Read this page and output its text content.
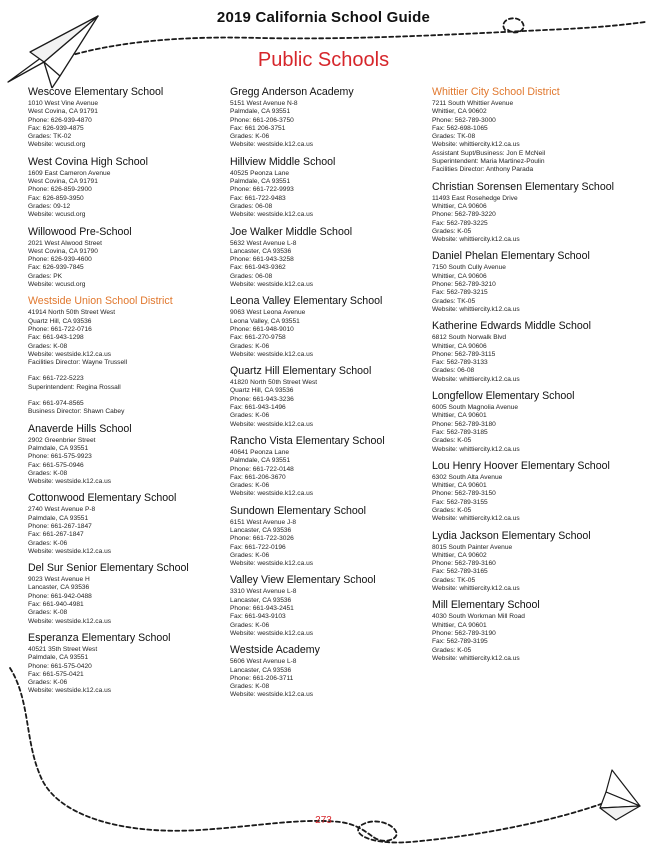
2019 California School Guide
Public Schools
Wescove Elementary School
1010 West Vine Avenue
West Covina, CA 91791
Phone: 626-939-4870
Fax: 626-939-4875
Grades: TK-02
Website: wcusd.org
West Covina High School
1609 East Cameron Avenue
West Covina, CA 91791
Phone: 626-859-2900
Fax: 626-859-3950
Grades: 09-12
Website: wcusd.org
Willowood Pre-School
2021 West Alwood Street
West Covina, CA 91790
Phone: 626-939-4600
Fax: 626-939-7845
Grades: PK
Website: wcusd.org
Westside Union School District
41914 North 50th Street West
Quartz Hill, CA 93536
Phone: 661-722-0716
Fax: 661-943-1298
Grades: K-08
Website: westside.k12.ca.us
Facilities Director: Wayne Trussell
Fax: 661-722-5223
Superintendent: Regina Rossall
Fax: 661-974-8565
Business Director: Shawn Cabey
Anaverde Hills School
2902 Greenbrier Street
Palmdale, CA 93551
Phone: 661-575-9923
Fax: 661-575-0946
Grades: K-08
Website: westside.k12.ca.us
Cottonwood Elementary School
2740 West Avenue P-8
Palmdale, CA 93551
Phone: 661-267-1847
Fax: 661-267-1847
Grades: K-06
Website: westside.k12.ca.us
Del Sur Senior Elementary School
9023 West Avenue H
Lancaster, CA 93536
Phone: 661-942-0488
Fax: 661-940-4981
Grades: K-08
Website: westside.k12.ca.us
Esperanza Elementary School
40521 35th Street West
Palmdale, CA 93551
Phone: 661-575-0420
Fax: 661-575-0421
Grades: K-06
Website: westside.k12.ca.us
Gregg Anderson Academy
5151 West Avenue N-8
Palmdale, CA 93551
Phone: 661-206-3750
Fax: 661 206-3751
Grades: K-06
Website: westside.k12.ca.us
Hillview Middle School
40525 Peonza Lane
Palmdale, CA 93551
Phone: 661-722-9993
Fax: 661-722-9483
Grades: 06-08
Website: westside.k12.ca.us
Joe Walker Middle School
5632 West Avenue L-8
Lancaster, CA 93536
Phone: 661-943-3258
Fax: 661-943-9362
Grades: 06-08
Website: westside.k12.ca.us
Leona Valley Elementary School
9063 West Leona Avenue
Leona Valley, CA 93551
Phone: 661-948-9010
Fax: 661-270-9758
Grades: K-06
Website: westside.k12.ca.us
Quartz Hill Elementary School
41820 North 50th Street West
Quartz Hill, CA 93536
Phone: 661-943-3236
Fax: 661-943-1496
Grades: K-06
Website: westside.k12.ca.us
Rancho Vista Elementary School
40641 Peonza Lane
Palmdale, CA 93551
Phone: 661-722-0148
Fax: 661-206-3670
Grades: K-06
Website: westside.k12.ca.us
Sundown Elementary School
6151 West Avenue J-8
Lancaster, CA 93536
Phone: 661-722-3026
Fax: 661-722-0196
Grades: K-06
Website: westside.k12.ca.us
Valley View Elementary School
3310 West Avenue L-8
Lancaster, CA 93536
Phone: 661-943-2451
Fax: 661-943-9103
Grades: K-06
Website: westside.k12.ca.us
Westside Academy
5606 West Avenue L-8
Lancaster, CA 93536
Phone: 661-206-3711
Grades: K-08
Website: westside.k12.ca.us
Whittier City School District
7211 South Whittier Avenue
Whittier, CA 90602
Phone: 562-789-3000
Fax: 562-698-1065
Grades: TK-08
Website: whittiercity.k12.ca.us
Assistant Supt/Business: Jon E McNeil
Superintendent: Maria Martinez-Poulin
Facilities Director: Anthony Parada
Christian Sorensen Elementary School
11493 East Rosehedge Drive
Whittier, CA 90606
Phone: 562-789-3220
Fax: 562-789-3225
Grades: K-05
Website: whittiercity.k12.ca.us
Daniel Phelan Elementary School
7150 South Cully Avenue
Whittier, CA 90606
Phone: 562-789-3210
Fax: 562-789-3215
Grades: TK-05
Website: whittiercity.k12.ca.us
Katherine Edwards Middle School
6812 South Norwalk Blvd
Whittier, CA 90606
Phone: 562-789-3115
Fax: 562-789-3133
Grades: 06-08
Website: whittiercity.k12.ca.us
Longfellow Elementary School
6005 South Magnolia Avenue
Whittier, CA 90601
Phone: 562-789-3180
Fax: 562-789-3185
Grades: K-05
Website: whittiercity.k12.ca.us
Lou Henry Hoover Elementary School
6302 South Alta Avenue
Whittier, CA 90601
Phone: 562-789-3150
Fax: 562-789-3155
Grades: K-05
Website: whittiercity.k12.ca.us
Lydia Jackson Elementary School
8015 South Painter Avenue
Whittier, CA 90602
Phone: 562-789-3160
Fax: 562-789-3165
Grades: TK-05
Website: whittiercity.k12.ca.us
Mill Elementary School
4030 South Workman Mill Road
Whittier, CA 90601
Phone: 562-789-3190
Fax: 562-789-3195
Grades: K-05
Website: whittiercity.k12.ca.us
273
